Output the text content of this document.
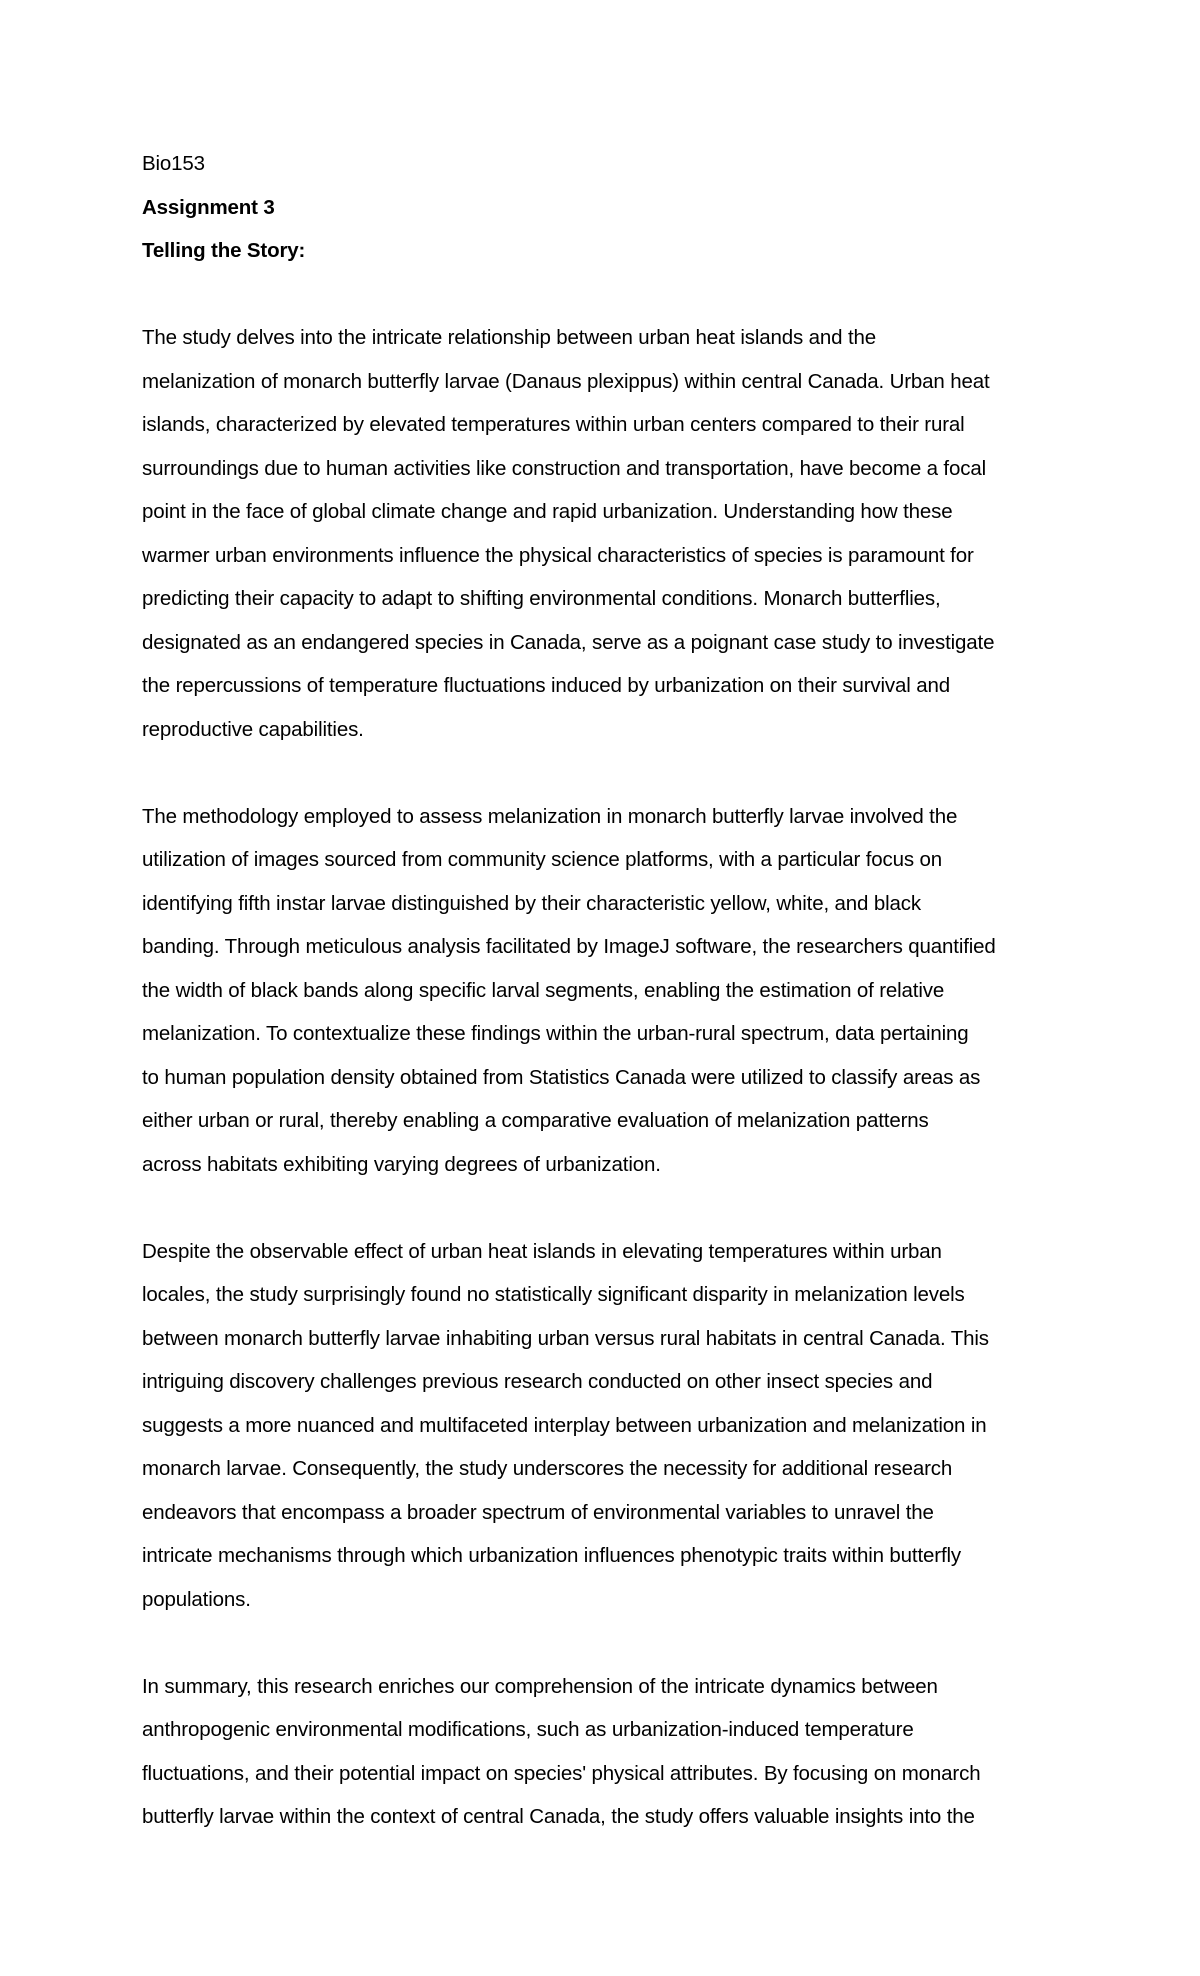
Bio153
Assignment 3
Telling the Story:
The study delves into the intricate relationship between urban heat islands and the
melanization of monarch butterfly larvae (Danaus plexippus) within central Canada. Urban heat
islands, characterized by elevated temperatures within urban centers compared to their rural
surroundings due to human activities like construction and transportation, have become a focal
point in the face of global climate change and rapid urbanization. Understanding how these
warmer urban environments influence the physical characteristics of species is paramount for
predicting their capacity to adapt to shifting environmental conditions. Monarch butterflies,
designated as an endangered species in Canada, serve as a poignant case study to investigate
the repercussions of temperature fluctuations induced by urbanization on their survival and
reproductive capabilities.
The methodology employed to assess melanization in monarch butterfly larvae involved the
utilization of images sourced from community science platforms, with a particular focus on
identifying fifth instar larvae distinguished by their characteristic yellow, white, and black
banding. Through meticulous analysis facilitated by ImageJ software, the researchers quantified
the width of black bands along specific larval segments, enabling the estimation of relative
melanization. To contextualize these findings within the urban-rural spectrum, data pertaining
to human population density obtained from Statistics Canada were utilized to classify areas as
either urban or rural, thereby enabling a comparative evaluation of melanization patterns
across habitats exhibiting varying degrees of urbanization.
Despite the observable effect of urban heat islands in elevating temperatures within urban
locales, the study surprisingly found no statistically significant disparity in melanization levels
between monarch butterfly larvae inhabiting urban versus rural habitats in central Canada. This
intriguing discovery challenges previous research conducted on other insect species and
suggests a more nuanced and multifaceted interplay between urbanization and melanization in
monarch larvae. Consequently, the study underscores the necessity for additional research
endeavors that encompass a broader spectrum of environmental variables to unravel the
intricate mechanisms through which urbanization influences phenotypic traits within butterfly
populations.
In summary, this research enriches our comprehension of the intricate dynamics between
anthropogenic environmental modifications, such as urbanization-induced temperature
fluctuations, and their potential impact on species' physical attributes. By focusing on monarch
butterfly larvae within the context of central Canada, the study offers valuable insights into the
